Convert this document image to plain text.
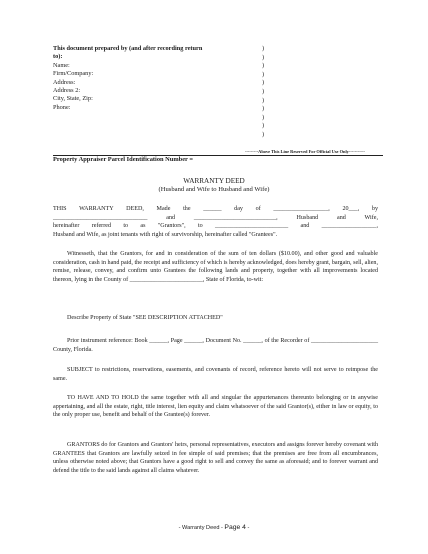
This document prepared by (and after recording return to):
Name:
Firm/Company:
Address:
Address 2:
City, State, Zip:
Phone:
)
)
)
)
)
)
)
)
)
)
)
---------Above This Line Reserved For Official Use Only-----------
Property Appraiser Parcel Identification Number =
WARRANTY DEED
(Husband and Wife to Husband and Wife)
THIS WARRANTY DEED, Made the ______ day of __________________, 20___, by
_______________________________ and ___________________________, Husband and Wife,
hereinafter referred to as "Grantors", to ________________________ and __________________,
Husband and Wife, as joint tenants with right of survivorship, hereinafter called "Grantees".
Witnesseth, that the Grantors, for and in consideration of the sum of ten dollars ($10.00), and other good and valuable consideration, cash in hand paid, the receipt and sufficiency of which is hereby acknowledged, does hereby grant, bargain, sell, alien, remise, release, convey, and confirm unto Grantees the following lands and property, together with all improvements located thereon, lying in the County of ________________________, State of Florida, to-wit:
Describe Property of State "SEE DESCRIPTION ATTACHED"
Prior instrument reference: Book ______, Page ______, Document No. ______, of the Recorder of ______________________ County, Florida.
SUBJECT to restrictions, reservations, easements, and covenants of record, reference hereto will not serve to reimpose the same.
TO HAVE AND TO HOLD the same together with all and singular the appurtenances thereunto belonging or in anywise appertaining, and all the estate, right, title interest, lien equity and claim whatsoever of the said Grantor(s), either in law or equity, to the only proper use, benefit and behalf of the Grantee(s) forever.
GRANTORS do for Grantors and Grantors' heirs, personal representatives, executors and assigns forever hereby covenant with GRANTEES that Grantors are lawfully seized in fee simple of said premises; that the premises are free from all encumbrances, unless otherwise noted above; that Grantors have a good right to sell and convey the same as aforesaid; and to forever warrant and defend the title to the said lands against all claims whatever.
- Warranty Deed - Page 4 -
